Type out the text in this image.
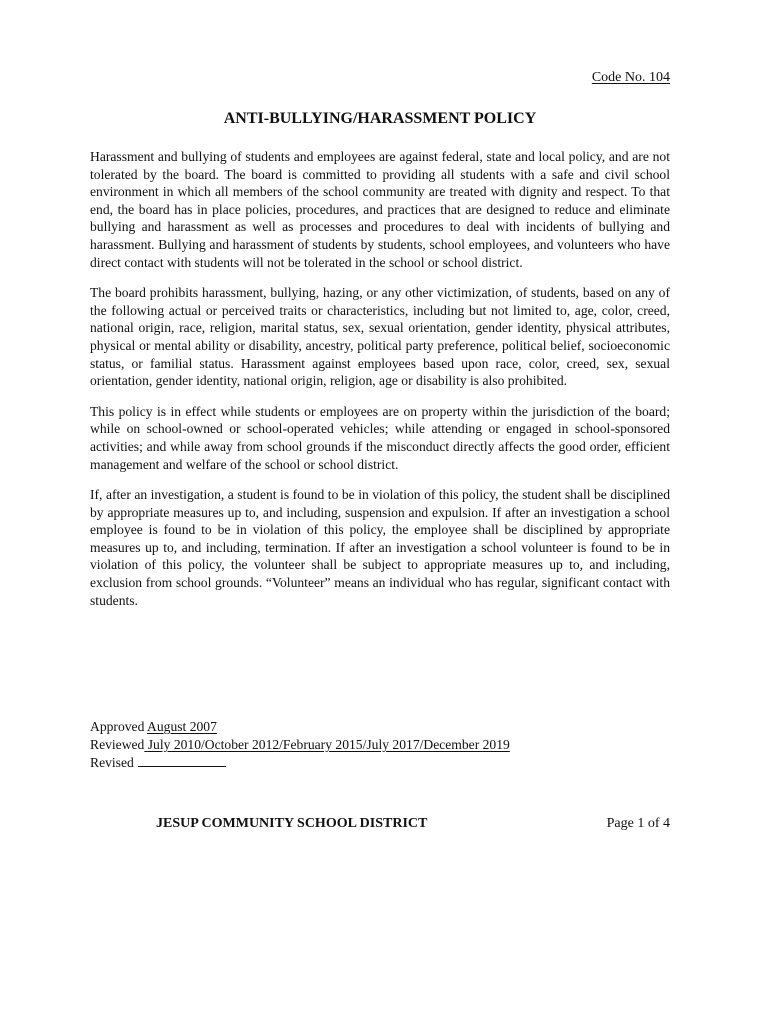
Code No. 104
ANTI-BULLYING/HARASSMENT POLICY

Harassment and bullying of students and employees are against federal, state and local policy, and are not tolerated by the board. The board is committed to providing all students with a safe and civil school environment in which all members of the school community are treated with dignity and respect. To that end, the board has in place policies, procedures, and practices that are designed to reduce and eliminate bullying and harassment as well as processes and procedures to deal with incidents of bullying and harassment. Bullying and harassment of students by students, school employees, and volunteers who have direct contact with students will not be tolerated in the school or school district.

The board prohibits harassment, bullying, hazing, or any other victimization, of students, based on any of the following actual or perceived traits or characteristics, including but not limited to, age, color, creed, national origin, race, religion, marital status, sex, sexual orientation, gender identity, physical attributes, physical or mental ability or disability, ancestry, political party preference, political belief, socioeconomic status, or familial status. Harassment against employees based upon race, color, creed, sex, sexual orientation, gender identity, national origin, religion, age or disability is also prohibited.

This policy is in effect while students or employees are on property within the jurisdiction of the board; while on school-owned or school-operated vehicles; while attending or engaged in school-sponsored activities; and while away from school grounds if the misconduct directly affects the good order, efficient management and welfare of the school or school district.

If, after an investigation, a student is found to be in violation of this policy, the student shall be disciplined by appropriate measures up to, and including, suspension and expulsion. If after an investigation a school employee is found to be in violation of this policy, the employee shall be disciplined by appropriate measures up to, and including, termination. If after an investigation a school volunteer is found to be in violation of this policy, the volunteer shall be subject to appropriate measures up to, and including, exclusion from school grounds. “Volunteer” means an individual who has regular, significant contact with students.

Approved August 2007
Reviewed July 2010/October 2012/February 2015/July 2017/December 2019
Revised
JESUP COMMUNITY SCHOOL DISTRICT	Page 1 of 4
